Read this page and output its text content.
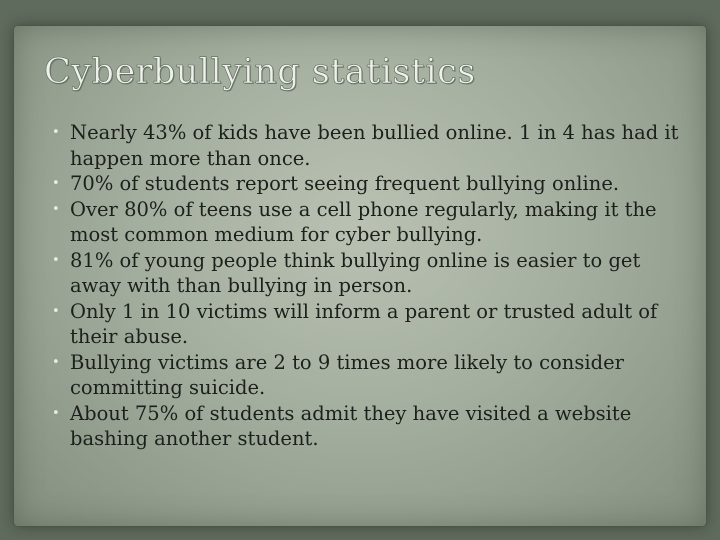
Cyberbullying statistics
• Nearly 43% of kids have been bullied online. 1 in 4 has had it happen more than once.
• 70% of students report seeing frequent bullying online.
• Over 80% of teens use a cell phone regularly, making it the most common medium for cyber bullying.
• 81% of young people think bullying online is easier to get away with than bullying in person.
• Only 1 in 10 victims will inform a parent or trusted adult of their abuse.
• Bullying victims are 2 to 9 times more likely to consider committing suicide.
• About 75% of students admit they have visited a website bashing another student.
